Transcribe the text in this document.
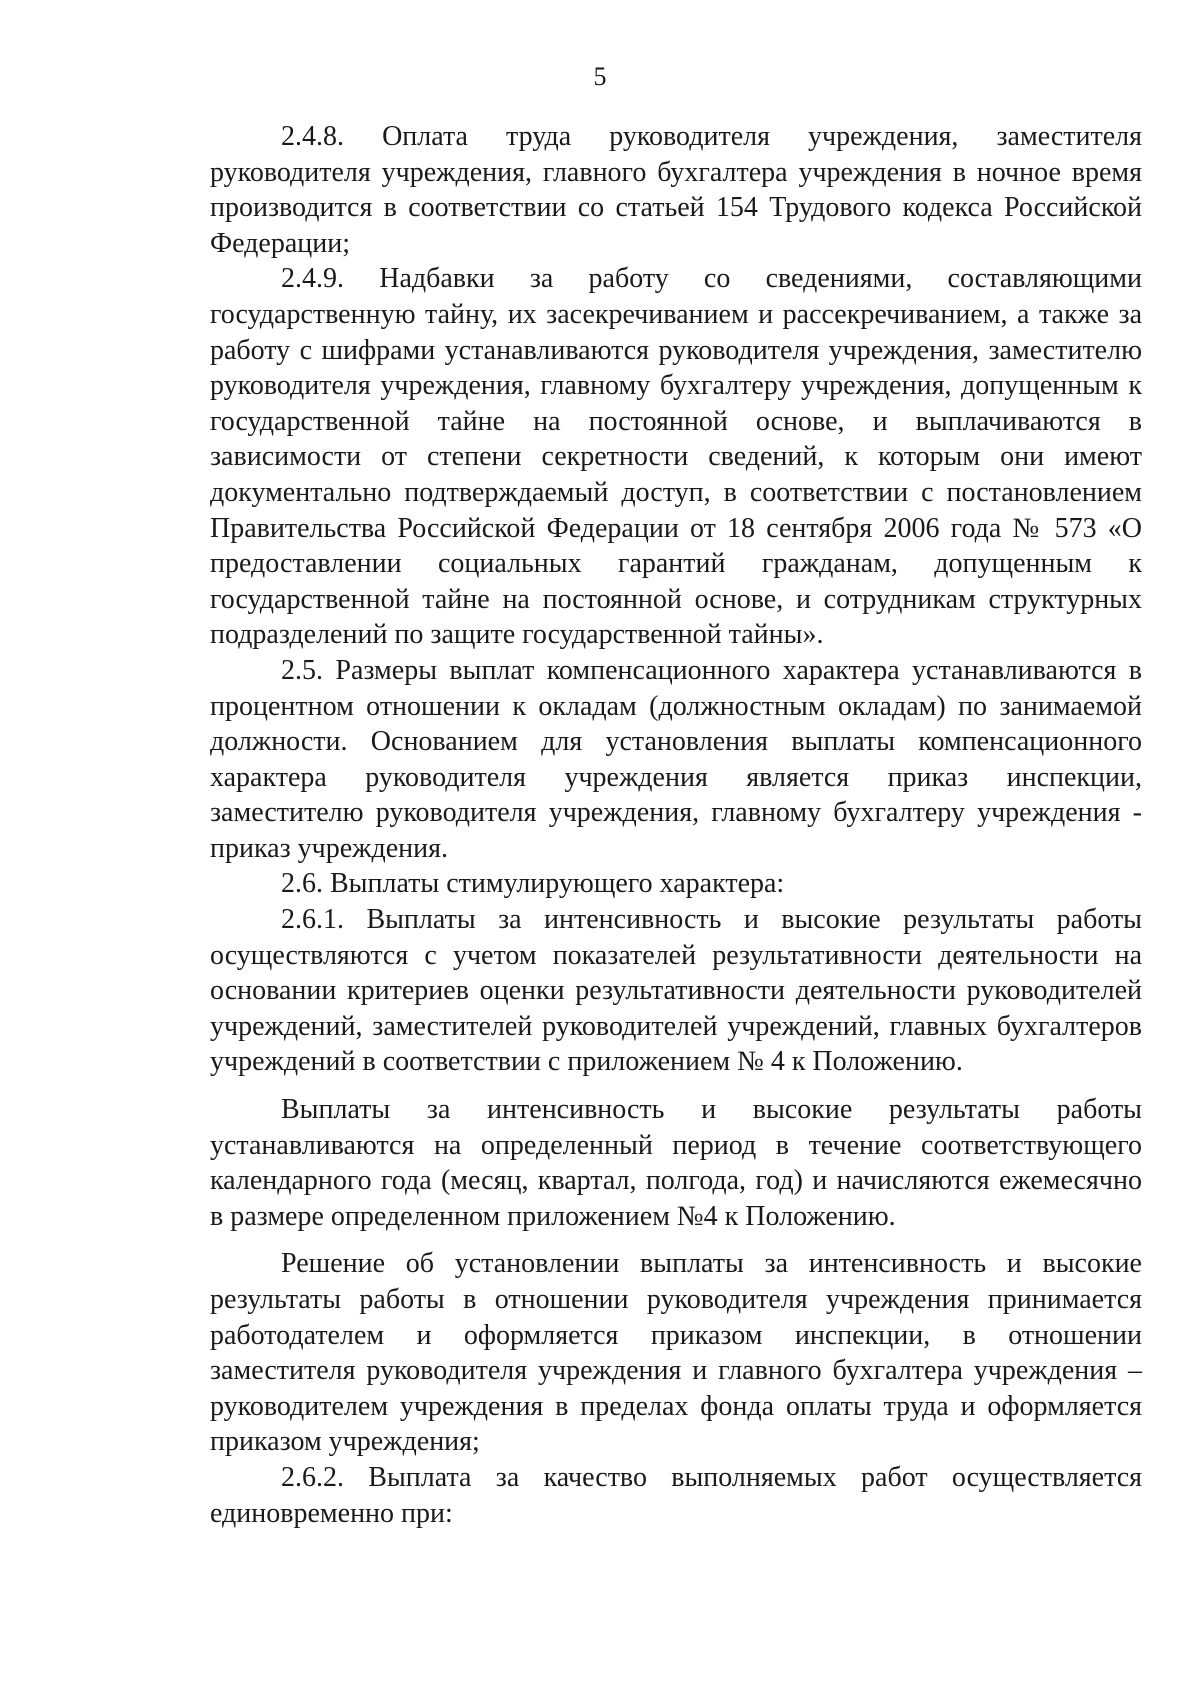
5

2.4.8. Оплата труда руководителя учреждения, заместителя руководителя учреждения, главного бухгалтера учреждения в ночное время производится в соответствии со статьей 154 Трудового кодекса Российской Федерации;

2.4.9. Надбавки за работу со сведениями, составляющими государственную тайну, их засекречиванием и рассекречиванием, а также за работу с шифрами устанавливаются руководителя учреждения, заместителю руководителя учреждения, главному бухгалтеру учреждения, допущенным к государственной тайне на постоянной основе, и выплачиваются в зависимости от степени секретности сведений, к которым они имеют документально подтверждаемый доступ, в соответствии с постановлением Правительства Российской Федерации от 18 сентября 2006 года № 573 «О предоставлении социальных гарантий гражданам, допущенным к государственной тайне на постоянной основе, и сотрудникам структурных подразделений по защите государственной тайны».

2.5. Размеры выплат компенсационного характера устанавливаются в процентном отношении к окладам (должностным окладам) по занимаемой должности. Основанием для установления выплаты компенсационного характера руководителя учреждения является приказ инспекции, заместителю руководителя учреждения, главному бухгалтеру учреждения - приказ учреждения.

2.6. Выплаты стимулирующего характера:

2.6.1. Выплаты за интенсивность и высокие результаты работы осуществляются с учетом показателей результативности деятельности на основании критериев оценки результативности деятельности руководителей учреждений, заместителей руководителей учреждений, главных бухгалтеров учреждений в соответствии с приложением № 4 к Положению.

Выплаты за интенсивность и высокие результаты работы устанавливаются на определенный период в течение соответствующего календарного года (месяц, квартал, полгода, год) и начисляются ежемесячно в размере определенном приложением №4 к Положению.

Решение об установлении выплаты за интенсивность и высокие результаты работы в отношении руководителя учреждения принимается работодателем и оформляется приказом инспекции, в отношении заместителя руководителя учреждения и главного бухгалтера учреждения – руководителем учреждения в пределах фонда оплаты труда и оформляется приказом учреждения;

2.6.2. Выплата за качество выполняемых работ осуществляется единовременно при:
